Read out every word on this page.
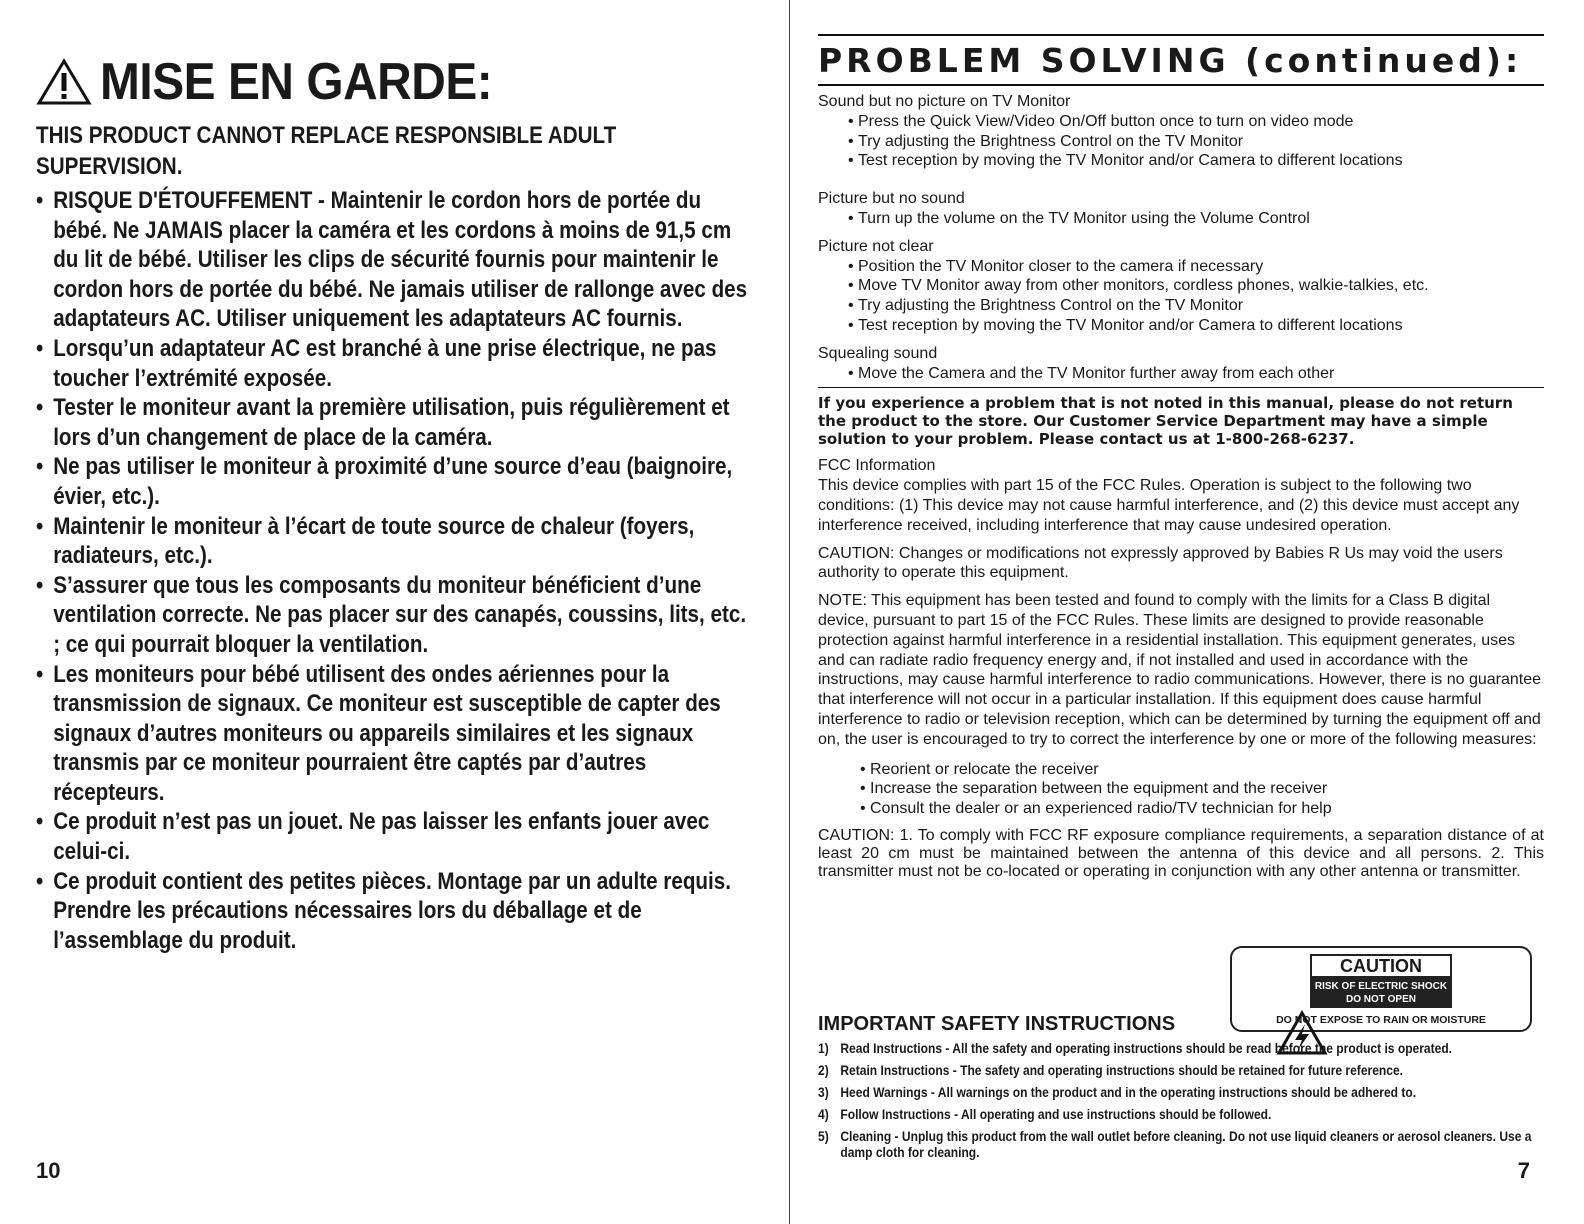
MISE EN GARDE:
THIS PRODUCT CANNOT REPLACE RESPONSIBLE ADULT SUPERVISION.
• RISQUE D'ÉTOUFFEMENT - Maintenir le cordon hors de portée du bébé. Ne JAMAIS placer la caméra et les cordons à moins de 91,5 cm du lit de bébé. Utiliser les clips de sécurité fournis pour maintenir le cordon hors de portée du bébé. Ne jamais utiliser de rallonge avec des adaptateurs AC. Utiliser uniquement les adaptateurs AC fournis.
• Lorsqu’un adaptateur AC est branché à une prise électrique, ne pas toucher l’extrémité exposée.
• Tester le moniteur avant la première utilisation, puis régulièrement et lors d’un changement de place de la caméra.
• Ne pas utiliser le moniteur à proximité d’une source d’eau (baignoire, évier, etc.).
• Maintenir le moniteur à l’écart de toute source de chaleur (foyers, radiateurs, etc.).
• S’assurer que tous les composants du moniteur bénéficient d’une ventilation correcte. Ne pas placer sur des canapés, coussins, lits, etc. ; ce qui pourrait bloquer la ventilation.
• Les moniteurs pour bébé utilisent des ondes aériennes pour la transmission de signaux. Ce moniteur est susceptible de capter des signaux d’autres moniteurs ou appareils similaires et les signaux transmis par ce moniteur pourraient être captés par d’autres récepteurs.
• Ce produit n’est pas un jouet. Ne pas laisser les enfants jouer avec celui-ci.
• Ce produit contient des petites pièces. Montage par un adulte requis. Prendre les précautions nécessaires lors du déballage et de l’assemblage du produit.
10
PROBLEM SOLVING (continued):
Sound but no picture on TV Monitor
• Press the Quick View/Video On/Off button once to turn on video mode
• Try adjusting the Brightness Control on the TV Monitor
• Test reception by moving the TV Monitor and/or Camera to different locations
Picture but no sound
• Turn up the volume on the TV Monitor using the Volume Control
Picture not clear
• Position the TV Monitor closer to the camera if necessary
• Move TV Monitor away from other monitors, cordless phones, walkie-talkies, etc.
• Try adjusting the Brightness Control on the TV Monitor
• Test reception by moving the TV Monitor and/or Camera to different locations
Squealing sound
• Move the Camera and the TV Monitor further away from each other
If you experience a problem that is not noted in this manual, please do not return the product to the store. Our Customer Service Department may have a simple solution to your problem. Please contact us at 1-800-268-6237.
FCC Information
This device complies with part 15 of the FCC Rules. Operation is subject to the following two conditions: (1) This device may not cause harmful interference, and (2) this device must accept any interference received, including interference that may cause undesired operation.
CAUTION: Changes or modifications not expressly approved by Babies R Us may void the users authority to operate this equipment.
NOTE: This equipment has been tested and found to comply with the limits for a Class B digital device, pursuant to part 15 of the FCC Rules. These limits are designed to provide reasonable protection against harmful interference in a residential installation. This equipment generates, uses and can radiate radio frequency energy and, if not installed and used in accordance with the instructions, may cause harmful interference to radio communications. However, there is no guarantee that interference will not occur in a particular installation. If this equipment does cause harmful interference to radio or television reception, which can be determined by turning the equipment off and on, the user is encouraged to try to correct the interference by one or more of the following measures:
• Reorient or relocate the receiver
• Increase the separation between the equipment and the receiver
• Consult the dealer or an experienced radio/TV technician for help
CAUTION: 1. To comply with FCC RF exposure compliance requirements, a separation distance of at least 20 cm must be maintained between the antenna of this device and all persons. 2. This transmitter must not be co-located or operating in conjunction with any other antenna or transmitter.
7
IMPORTANT SAFETY INSTRUCTIONS
CAUTION
RISK OF ELECTRIC SHOCK
DO NOT OPEN
DO NOT EXPOSE TO RAIN OR MOISTURE
1) Read Instructions - All the safety and operating instructions should be read before the product is operated.
2) Retain Instructions - The safety and operating instructions should be retained for future reference.
3) Heed Warnings - All warnings on the product and in the operating instructions should be adhered to.
4) Follow Instructions - All operating and use instructions should be followed.
5) Cleaning - Unplug this product from the wall outlet before cleaning. Do not use liquid cleaners or aerosol cleaners. Use a damp cloth for cleaning.
